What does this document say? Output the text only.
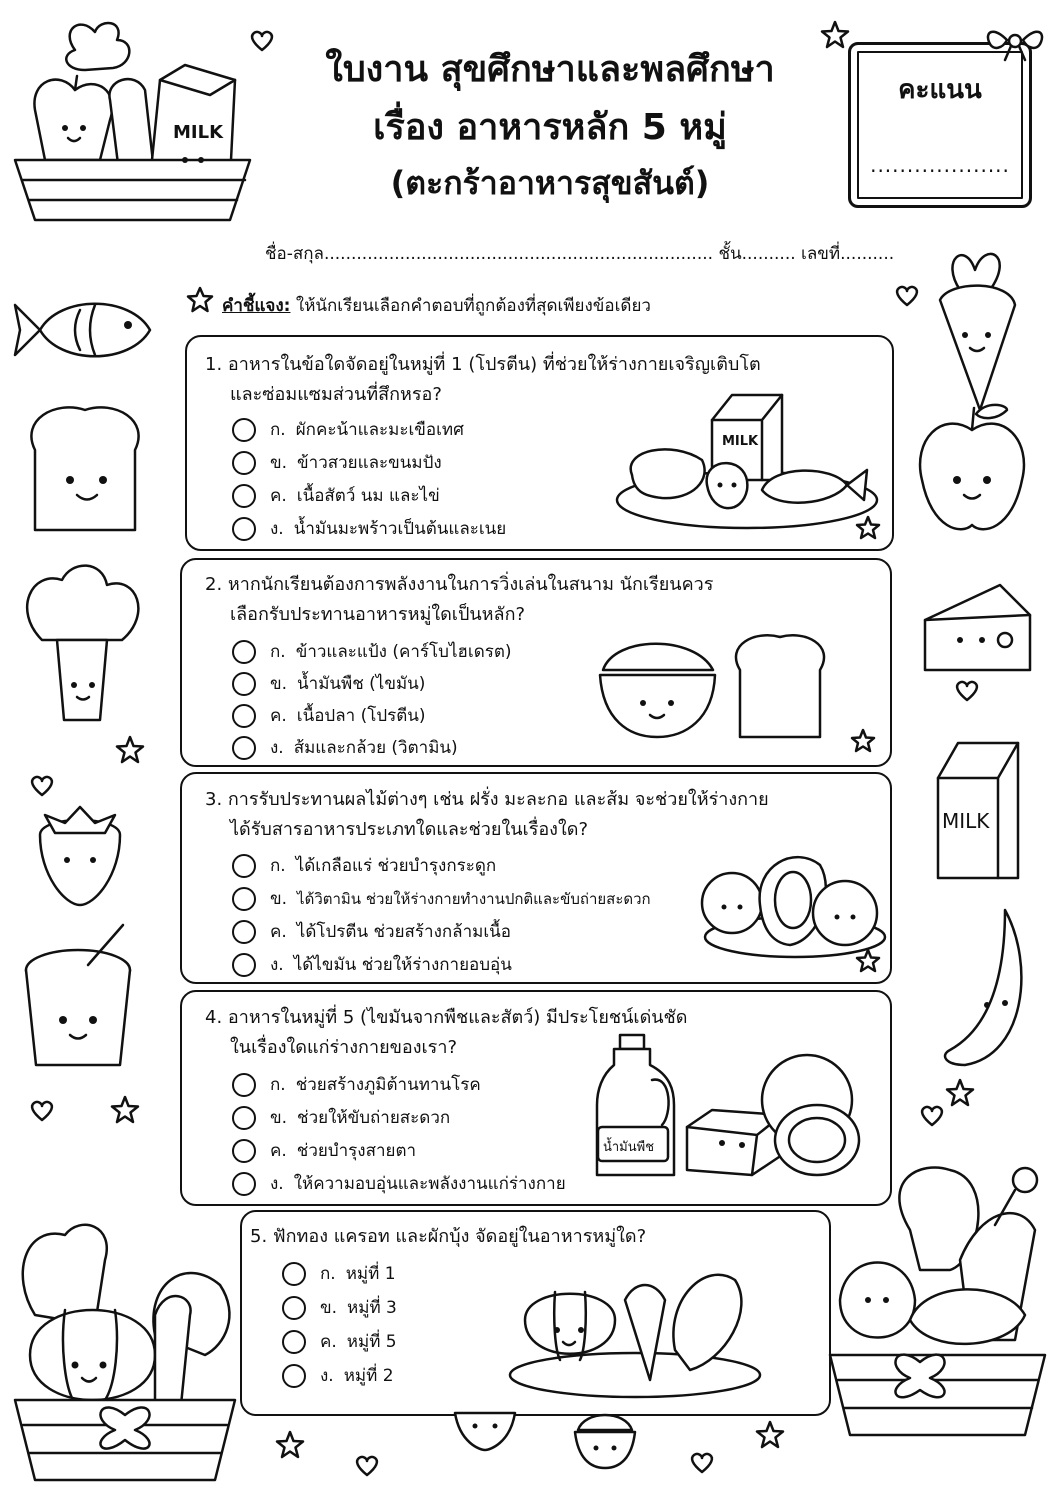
ใบงาน สุขศึกษาและพลศึกษา
เรื่อง อาหารหลัก 5 หมู่
(ตะกร้าอาหารสุขสันต์)
คะแนน
...................
ชื่อ-สกุล........................................................................ ชั้น.......... เลขที่..........
คำชี้แจง: ให้นักเรียนเลือกคำตอบที่ถูกต้องที่สุดเพียงข้อเดียว
MILK
MILK
1. อาหารในข้อใดจัดอยู่ในหมู่ที่ 1 (โปรตีน) ที่ช่วยให้ร่างกายเจริญเติบโต
และซ่อมแซมส่วนที่สึกหรอ?
ก. ผักคะน้าและมะเขือเทศ
ข. ข้าวสวยและขนมปัง
ค. เนื้อสัตว์ นม และไข่
ง. น้ำมันมะพร้าวเป็นต้นและเนย
MILK
2. หากนักเรียนต้องการพลังงานในการวิ่งเล่นในสนาม นักเรียนควร
เลือกรับประทานอาหารหมู่ใดเป็นหลัก?
ก. ข้าวและแป้ง (คาร์โบไฮเดรต)
ข. น้ำมันพืช (ไขมัน)
ค. เนื้อปลา (โปรตีน)
ง. ส้มและกล้วย (วิตามิน)
3. การรับประทานผลไม้ต่างๆ เช่น ฝรั่ง มะละกอ และส้ม จะช่วยให้ร่างกาย
ได้รับสารอาหารประเภทใดและช่วยในเรื่องใด?
ก. ได้เกลือแร่ ช่วยบำรุงกระดูก
ข. ได้วิตามิน ช่วยให้ร่างกายทำงานปกติและขับถ่ายสะดวก
ค. ได้โปรตีน ช่วยสร้างกล้ามเนื้อ
ง. ได้ไขมัน ช่วยให้ร่างกายอบอุ่น
4. อาหารในหมู่ที่ 5 (ไขมันจากพืชและสัตว์) มีประโยชน์เด่นชัด
ในเรื่องใดแก่ร่างกายของเรา?
ก. ช่วยสร้างภูมิต้านทานโรค
ข. ช่วยให้ขับถ่ายสะดวก
ค. ช่วยบำรุงสายตา
ง. ให้ความอบอุ่นและพลังงานแก่ร่างกาย
น้ำมันพืช
5. ฟักทอง แครอท และผักบุ้ง จัดอยู่ในอาหารหมู่ใด?
ก. หมู่ที่ 1
ข. หมู่ที่ 3
ค. หมู่ที่ 5
ง. หมู่ที่ 2
